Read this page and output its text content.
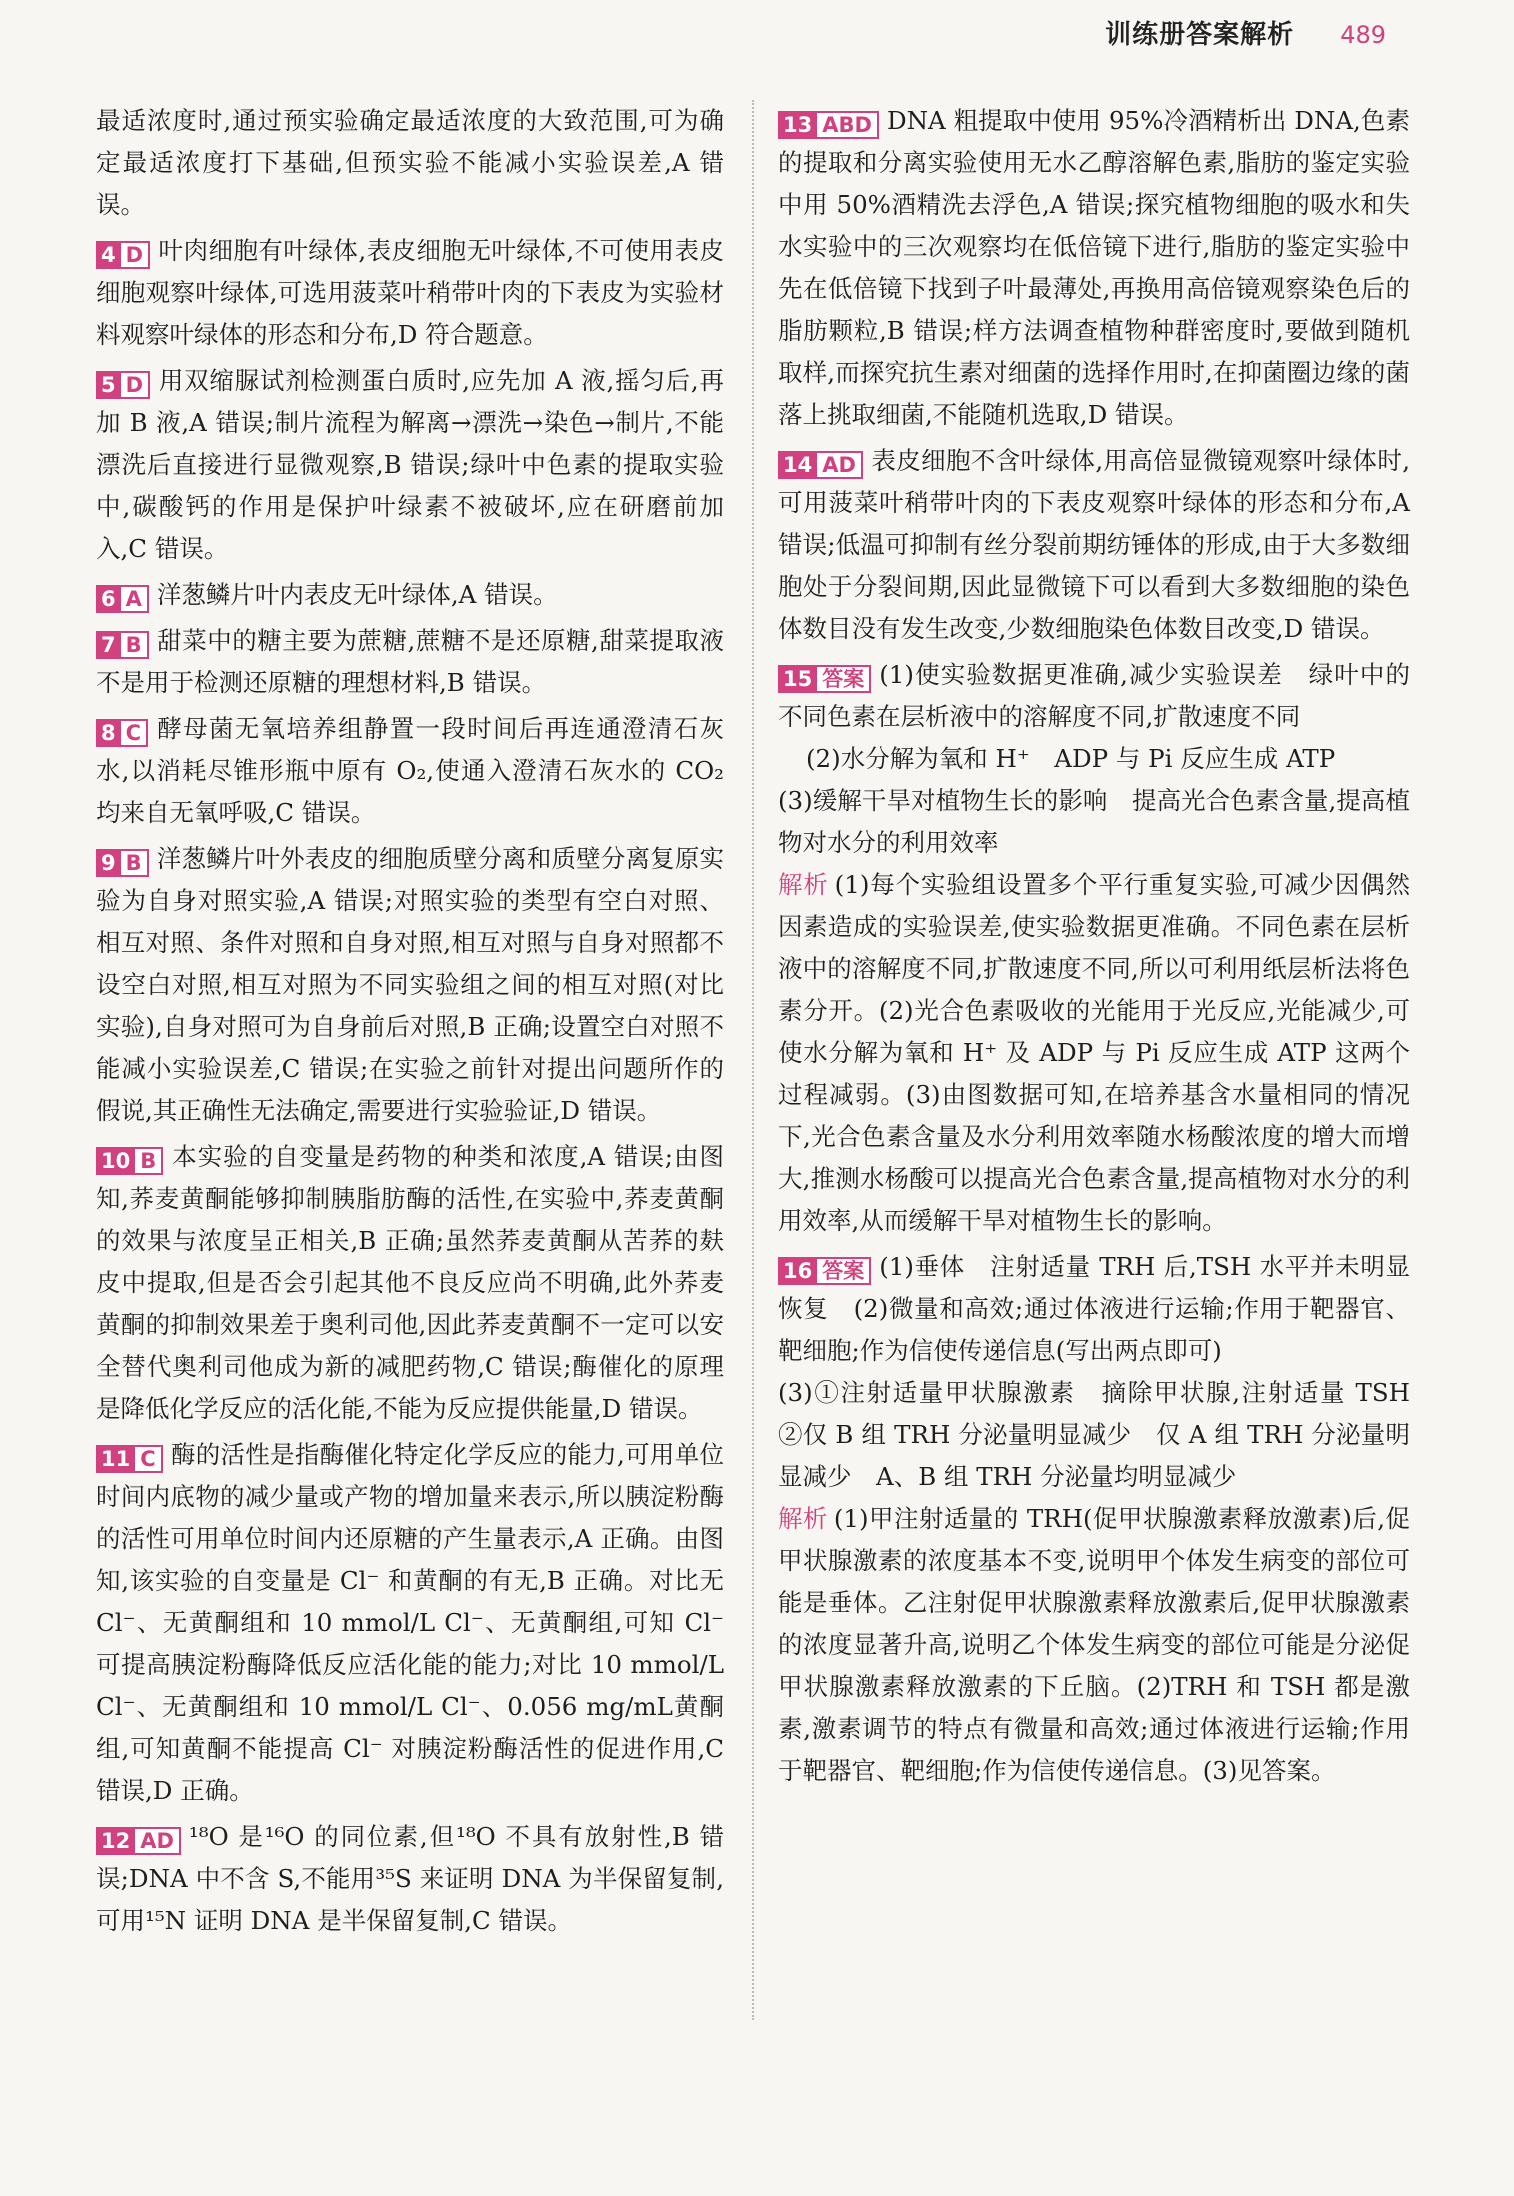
训练册答案解析 489

最适浓度时,通过预实验确定最适浓度的大致范围,可为确定最适浓度打下基础,但预实验不能减小实验误差,A 错误。

4 D 叶肉细胞有叶绿体,表皮细胞无叶绿体,不可使用表皮细胞观察叶绿体,可选用菠菜叶稍带叶肉的下表皮为实验材料观察叶绿体的形态和分布,D 符合题意。

5 D 用双缩脲试剂检测蛋白质时,应先加 A 液,摇匀后,再加 B 液,A 错误;制片流程为解离→漂洗→染色→制片,不能漂洗后直接进行显微观察,B 错误;绿叶中色素的提取实验中,碳酸钙的作用是保护叶绿素不被破坏,应在研磨前加入,C 错误。

6 A 洋葱鳞片叶内表皮无叶绿体,A 错误。

7 B 甜菜中的糖主要为蔗糖,蔗糖不是还原糖,甜菜提取液不是用于检测还原糖的理想材料,B 错误。

8 C 酵母菌无氧培养组静置一段时间后再连通澄清石灰水,以消耗尽锥形瓶中原有 O₂,使通入澄清石灰水的 CO₂ 均来自无氧呼吸,C 错误。

9 B 洋葱鳞片叶外表皮的细胞质壁分离和质壁分离复原实验为自身对照实验,A 错误;对照实验的类型有空白对照、相互对照、条件对照和自身对照,相互对照与自身对照都不设空白对照,相互对照为不同实验组之间的相互对照(对比实验),自身对照可为自身前后对照,B 正确;设置空白对照不能减小实验误差,C 错误;在实验之前针对提出问题所作的假说,其正确性无法确定,需要进行实验验证,D 错误。

10 B 本实验的自变量是药物的种类和浓度,A 错误;由图知,荞麦黄酮能够抑制胰脂肪酶的活性,在实验中,荞麦黄酮的效果与浓度呈正相关,B 正确;虽然荞麦黄酮从苦荞的麸皮中提取,但是否会引起其他不良反应尚不明确,此外荞麦黄酮的抑制效果差于奥利司他,因此荞麦黄酮不一定可以安全替代奥利司他成为新的减肥药物,C 错误;酶催化的原理是降低化学反应的活化能,不能为反应提供能量,D 错误。

11 C 酶的活性是指酶催化特定化学反应的能力,可用单位时间内底物的减少量或产物的增加量来表示,所以胰淀粉酶的活性可用单位时间内还原糖的产生量表示,A 正确。由图知,该实验的自变量是 Cl⁻ 和黄酮的有无,B 正确。对比无 Cl⁻、无黄酮组和 10 mmol/L Cl⁻、无黄酮组,可知 Cl⁻ 可提高胰淀粉酶降低反应活化能的能力;对比 10 mmol/L Cl⁻、无黄酮组和 10 mmol/L Cl⁻、0.056 mg/mL黄酮组,可知黄酮不能提高 Cl⁻ 对胰淀粉酶活性的促进作用,C 错误,D 正确。

12 AD ¹⁸O 是¹⁶O 的同位素,但¹⁸O 不具有放射性,B 错误;DNA 中不含 S,不能用³⁵S 来证明 DNA 为半保留复制,可用¹⁵N 证明 DNA 是半保留复制,C 错误。

13 ABD DNA 粗提取中使用 95%冷酒精析出 DNA,色素的提取和分离实验使用无水乙醇溶解色素,脂肪的鉴定实验中用 50%酒精洗去浮色,A 错误;探究植物细胞的吸水和失水实验中的三次观察均在低倍镜下进行,脂肪的鉴定实验中先在低倍镜下找到子叶最薄处,再换用高倍镜观察染色后的脂肪颗粒,B 错误;样方法调查植物种群密度时,要做到随机取样,而探究抗生素对细菌的选择作用时,在抑菌圈边缘的菌落上挑取细菌,不能随机选取,D 错误。

14 AD 表皮细胞不含叶绿体,用高倍显微镜观察叶绿体时,可用菠菜叶稍带叶肉的下表皮观察叶绿体的形态和分布,A 错误;低温可抑制有丝分裂前期纺锤体的形成,由于大多数细胞处于分裂间期,因此显微镜下可以看到大多数细胞的染色体数目没有发生改变,少数细胞染色体数目改变,D 错误。

15 答案 (1)使实验数据更准确,减少实验误差　绿叶中的不同色素在层析液中的溶解度不同,扩散速度不同

(2)水分解为氧和 H⁺　ADP 与 Pi 反应生成 ATP

(3)缓解干旱对植物生长的影响　提高光合色素含量,提高植物对水分的利用效率

解析 (1)每个实验组设置多个平行重复实验,可减少因偶然因素造成的实验误差,使实验数据更准确。不同色素在层析液中的溶解度不同,扩散速度不同,所以可利用纸层析法将色素分开。(2)光合色素吸收的光能用于光反应,光能减少,可使水分解为氧和 H⁺ 及 ADP 与 Pi 反应生成 ATP 这两个过程减弱。(3)由图数据可知,在培养基含水量相同的情况下,光合色素含量及水分利用效率随水杨酸浓度的增大而增大,推测水杨酸可以提高光合色素含量,提高植物对水分的利用效率,从而缓解干旱对植物生长的影响。

16 答案 (1)垂体　注射适量 TRH 后,TSH 水平并未明显恢复　(2)微量和高效;通过体液进行运输;作用于靶器官、靶细胞;作为信使传递信息(写出两点即可)

(3)①注射适量甲状腺激素　摘除甲状腺,注射适量 TSH　②仅 B 组 TRH 分泌量明显减少　仅 A 组 TRH 分泌量明显减少　A、B 组 TRH 分泌量均明显减少

解析 (1)甲注射适量的 TRH(促甲状腺激素释放激素)后,促甲状腺激素的浓度基本不变,说明甲个体发生病变的部位可能是垂体。乙注射促甲状腺激素释放激素后,促甲状腺激素的浓度显著升高,说明乙个体发生病变的部位可能是分泌促甲状腺激素释放激素的下丘脑。(2)TRH 和 TSH 都是激素,激素调节的特点有微量和高效;通过体液进行运输;作用于靶器官、靶细胞;作为信使传递信息。(3)见答案。
